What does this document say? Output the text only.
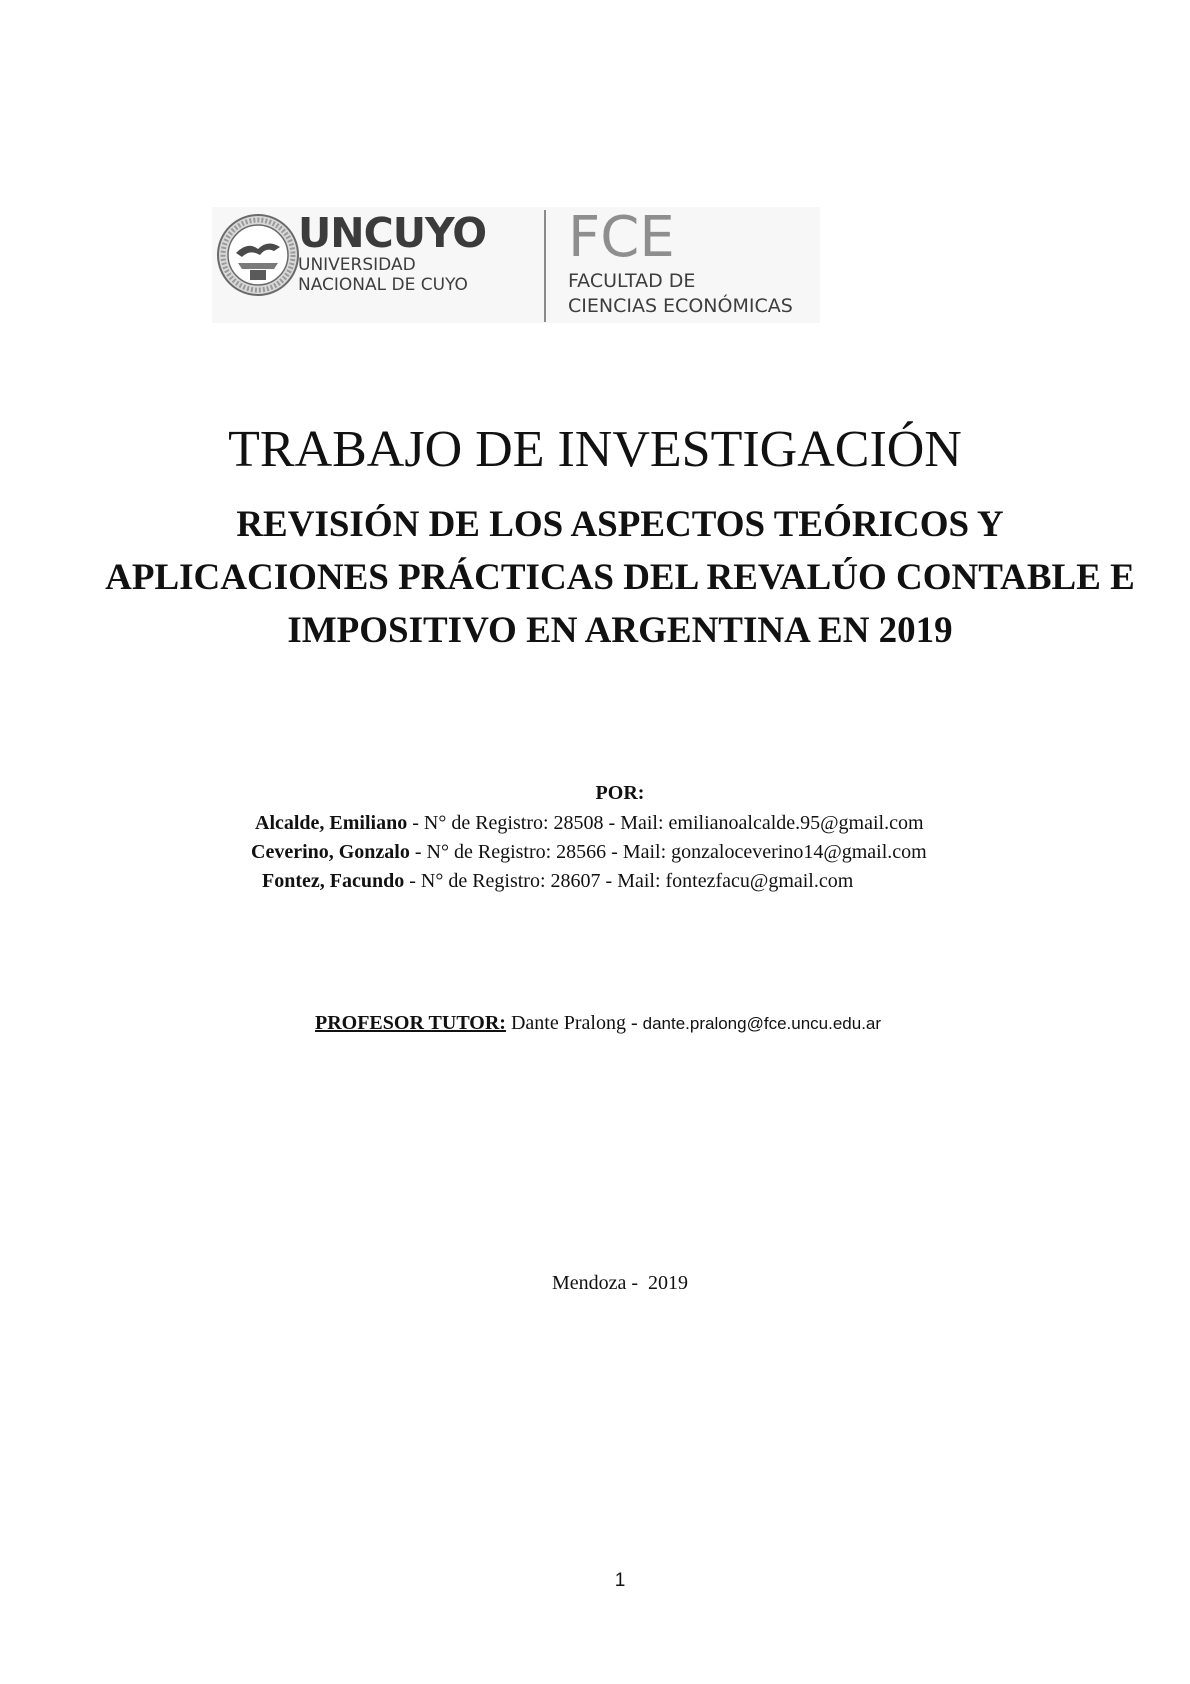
UNCUYO
UNIVERSIDAD
NACIONAL DE CUYO
FCE
FACULTAD DE
CIENCIAS ECONÓMICAS
TRABAJO DE INVESTIGACIÓN
REVISIÓN DE LOS ASPECTOS TEÓRICOS Y APLICACIONES PRÁCTICAS DEL REVALÚO CONTABLE E IMPOSITIVO EN ARGENTINA EN 2019
POR:
Alcalde, Emiliano - N° de Registro: 28508 - Mail: emilianoalcalde.95@gmail.com
Ceverino, Gonzalo - N° de Registro: 28566 - Mail: gonzaloceverino14@gmail.com
Fontez, Facundo - N° de Registro: 28607 - Mail: fontezfacu@gmail.com
PROFESOR TUTOR: Dante Pralong - dante.pralong@fce.uncu.edu.ar
Mendoza -  2019
1
